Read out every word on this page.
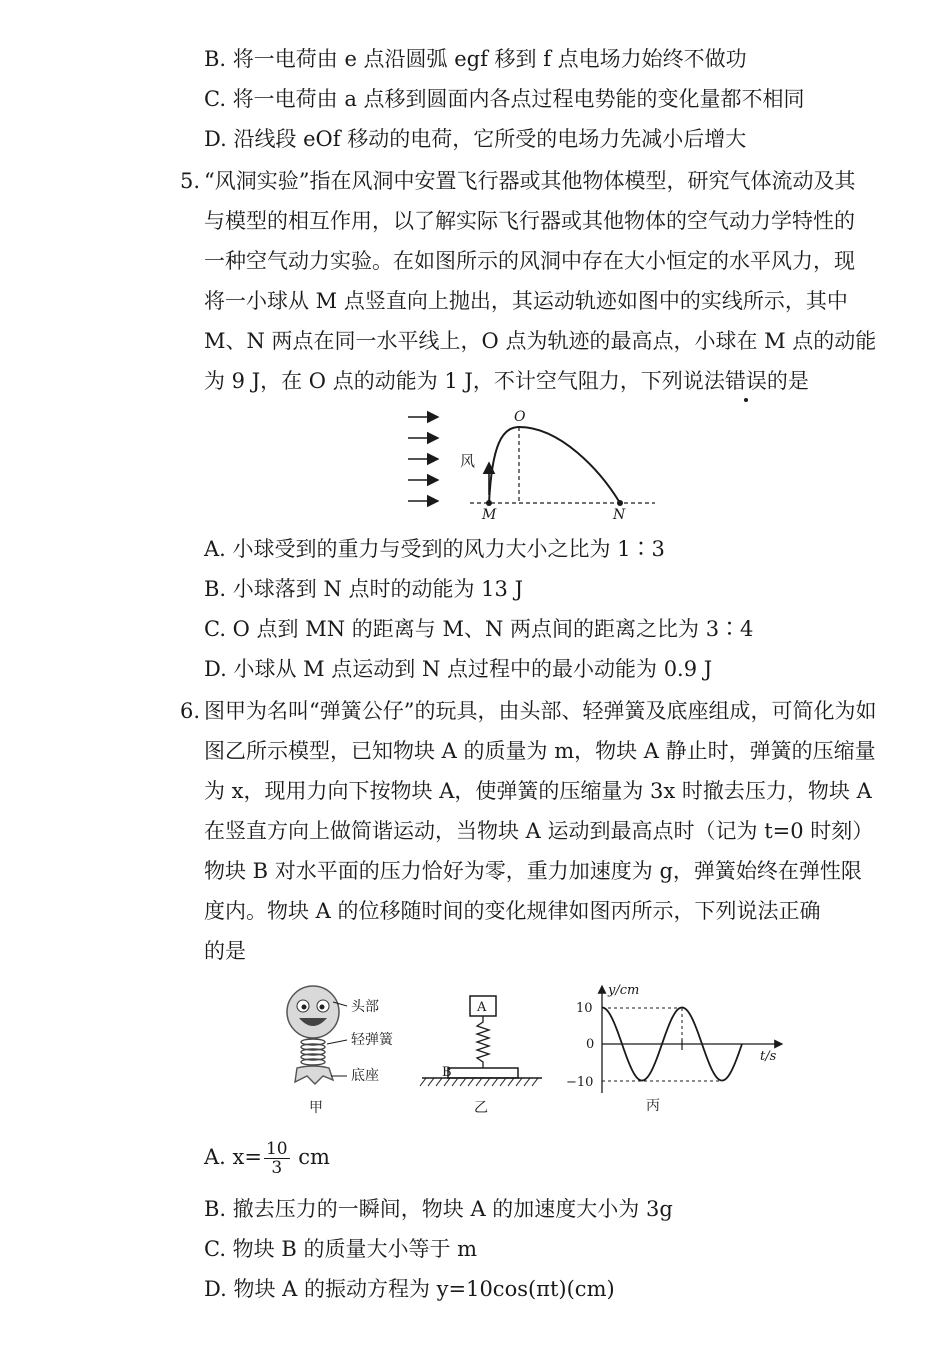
B. 将一电荷由 e 点沿圆弧 egf 移到 f 点电场力始终不做功
C. 将一电荷由 a 点移到圆面内各点过程电势能的变化量都不相同
D. 沿线段 eOf 移动的电荷，它所受的电场力先减小后增大
5. “风洞实验”指在风洞中安置飞行器或其他物体模型，研究气体流动及其
与模型的相互作用，以了解实际飞行器或其他物体的空气动力学特性的
一种空气动力实验。在如图所示的风洞中存在大小恒定的水平风力，现
将一小球从 M 点竖直向上抛出，其运动轨迹如图中的实线所示，其中
M、N 两点在同一水平线上，O 点为轨迹的最高点，小球在 M 点的动能
为 9 J，在 O 点的动能为 1 J，不计空气阻力，下列说法错误的是
风
O
M	N
A. 小球受到的重力与受到的风力大小之比为 1∶3
B. 小球落到 N 点时的动能为 13 J
C. O 点到 MN 的距离与 M、N 两点间的距离之比为 3∶4
D. 小球从 M 点运动到 N 点过程中的最小动能为 0.9 J
6. 图甲为名叫“弹簧公仔”的玩具，由头部、轻弹簧及底座组成，可简化为如
图乙所示模型，已知物块 A 的质量为 m，物块 A 静止时，弹簧的压缩量
为 x，现用力向下按物块 A，使弹簧的压缩量为 3x 时撤去压力，物块 A
在竖直方向上做简谐运动，当物块 A 运动到最高点时（记为 t=0 时刻）
物块 B 对水平面的压力恰好为零，重力加速度为 g，弹簧始终在弹性限
度内。物块 A 的位移随时间的变化规律如图丙所示，下列说法正确
的是
头部
轻弹簧
底座
甲
A
B
乙
y/cm
t/s
10
0
−10
丙
A. $x= \frac{10}{3}$ cm
B. 撤去压力的一瞬间，物块 A 的加速度大小为 3g
C. 物块 B 的质量大小等于 m
D. 物块 A 的振动方程为 y=10cos(πt)(cm)
